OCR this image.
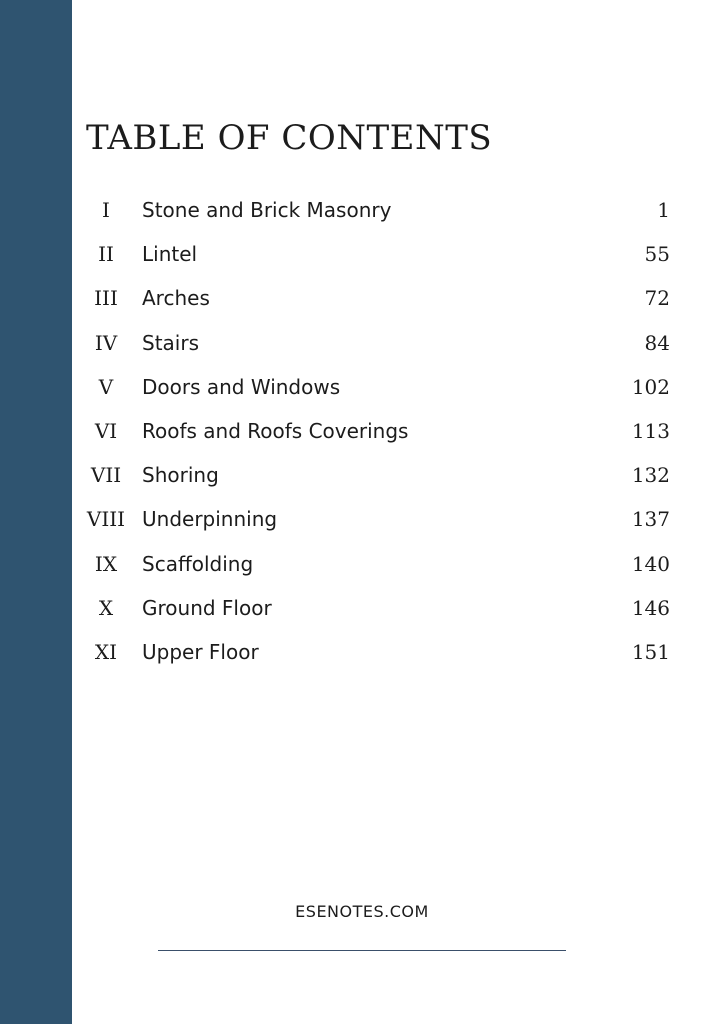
TABLE OF CONTENTS
I	Stone and Brick Masonry	1
II	Lintel	55
III	Arches	72
IV	Stairs	84
V	Doors and Windows	102
VI	Roofs and Roofs Coverings	113
VII Shoring	132
VIII Underpinning	137
IX	Scaffolding	140
X	Ground Floor	146
XI	Upper Floor	151
ESENOTES.COM
